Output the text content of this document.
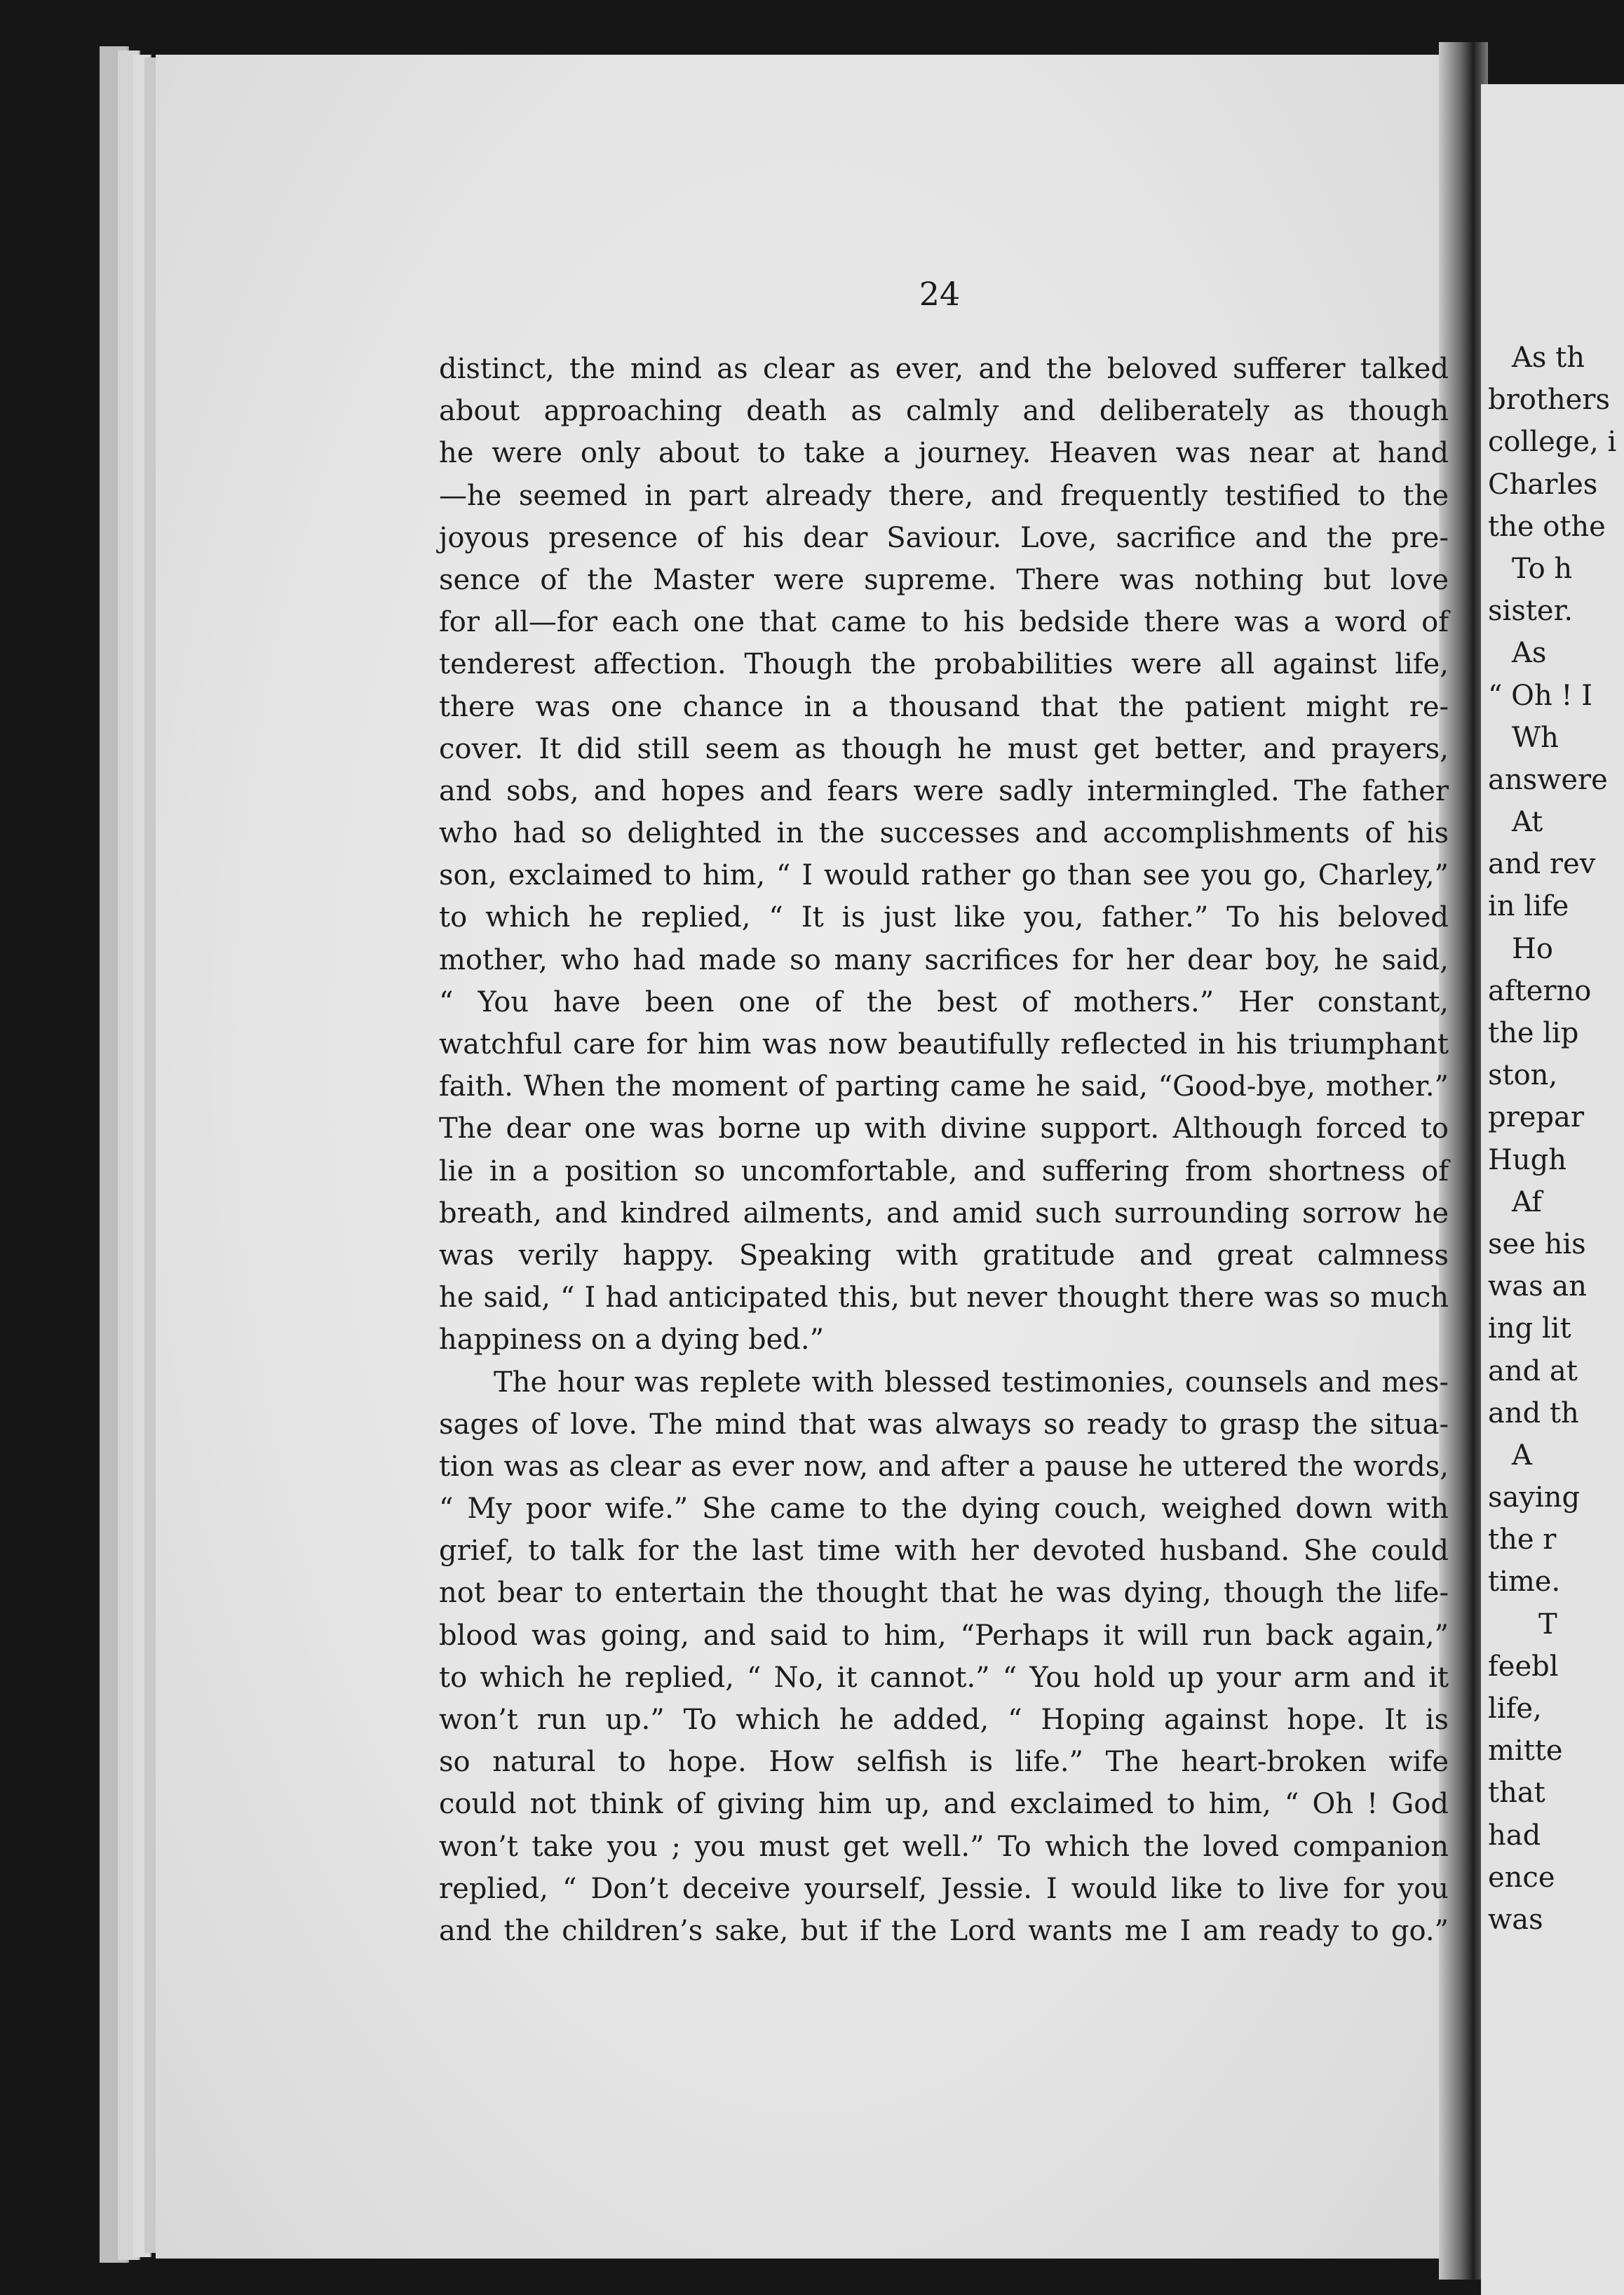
24
distinct, the mind as clear as ever, and the beloved sufferer talked
about approaching death as calmly and deliberately as though
he were only about to take a journey. Heaven was near at hand
—he seemed in part already there, and frequently testified to the
joyous presence of his dear Saviour. Love, sacrifice and the pre-
sence of the Master were supreme. There was nothing but love
for all—for each one that came to his bedside there was a word of
tenderest affection. Though the probabilities were all against life,
there was one chance in a thousand that the patient might re-
cover. It did still seem as though he must get better, and prayers,
and sobs, and hopes and fears were sadly intermingled. The father
who had so delighted in the successes and accomplishments of his
son, exclaimed to him, “ I would rather go than see you go, Charley,”
to which he replied, “ It is just like you, father.” To his beloved
mother, who had made so many sacrifices for her dear boy, he said,
“ You have been one of the best of mothers.” Her constant,
watchful care for him was now beautifully reflected in his triumphant
faith. When the moment of parting came he said, “Good-bye, mother.”
The dear one was borne up with divine support. Although forced to
lie in a position so uncomfortable, and suffering from shortness of
breath, and kindred ailments, and amid such surrounding sorrow he
was verily happy. Speaking with gratitude and great calmness
he said, “ I had anticipated this, but never thought there was so much
happiness on a dying bed.”
The hour was replete with blessed testimonies, counsels and mes-
sages of love. The mind that was always so ready to grasp the situa-
tion was as clear as ever now, and after a pause he uttered the words,
“ My poor wife.” She came to the dying couch, weighed down with
grief, to talk for the last time with her devoted husband. She could
not bear to entertain the thought that he was dying, though the life-
blood was going, and said to him, “Perhaps it will run back again,”
to which he replied, “ No, it cannot.” “ You hold up your arm and it
won’t run up.” To which he added, “ Hoping against hope. It is
so natural to hope. How selfish is life.” The heart-broken wife
could not think of giving him up, and exclaimed to him, “ Oh ! God
won’t take you ; you must get well.” To which the loved companion
replied, “ Don’t deceive yourself, Jessie. I would like to live for you
and the children’s sake, but if the Lord wants me I am ready to go.”
As th
brothers
college, i
Charles
the othe
To h
sister.
As
“ Oh ! I
Wh
answere
At
and rev
in life
Ho
afterno
the lip
ston,
prepar
Hugh
Af
see his
was an
ing lit
and at
and th
A
saying
the r
time.
T
feebl
life,
mitte
that
had
ence
was
